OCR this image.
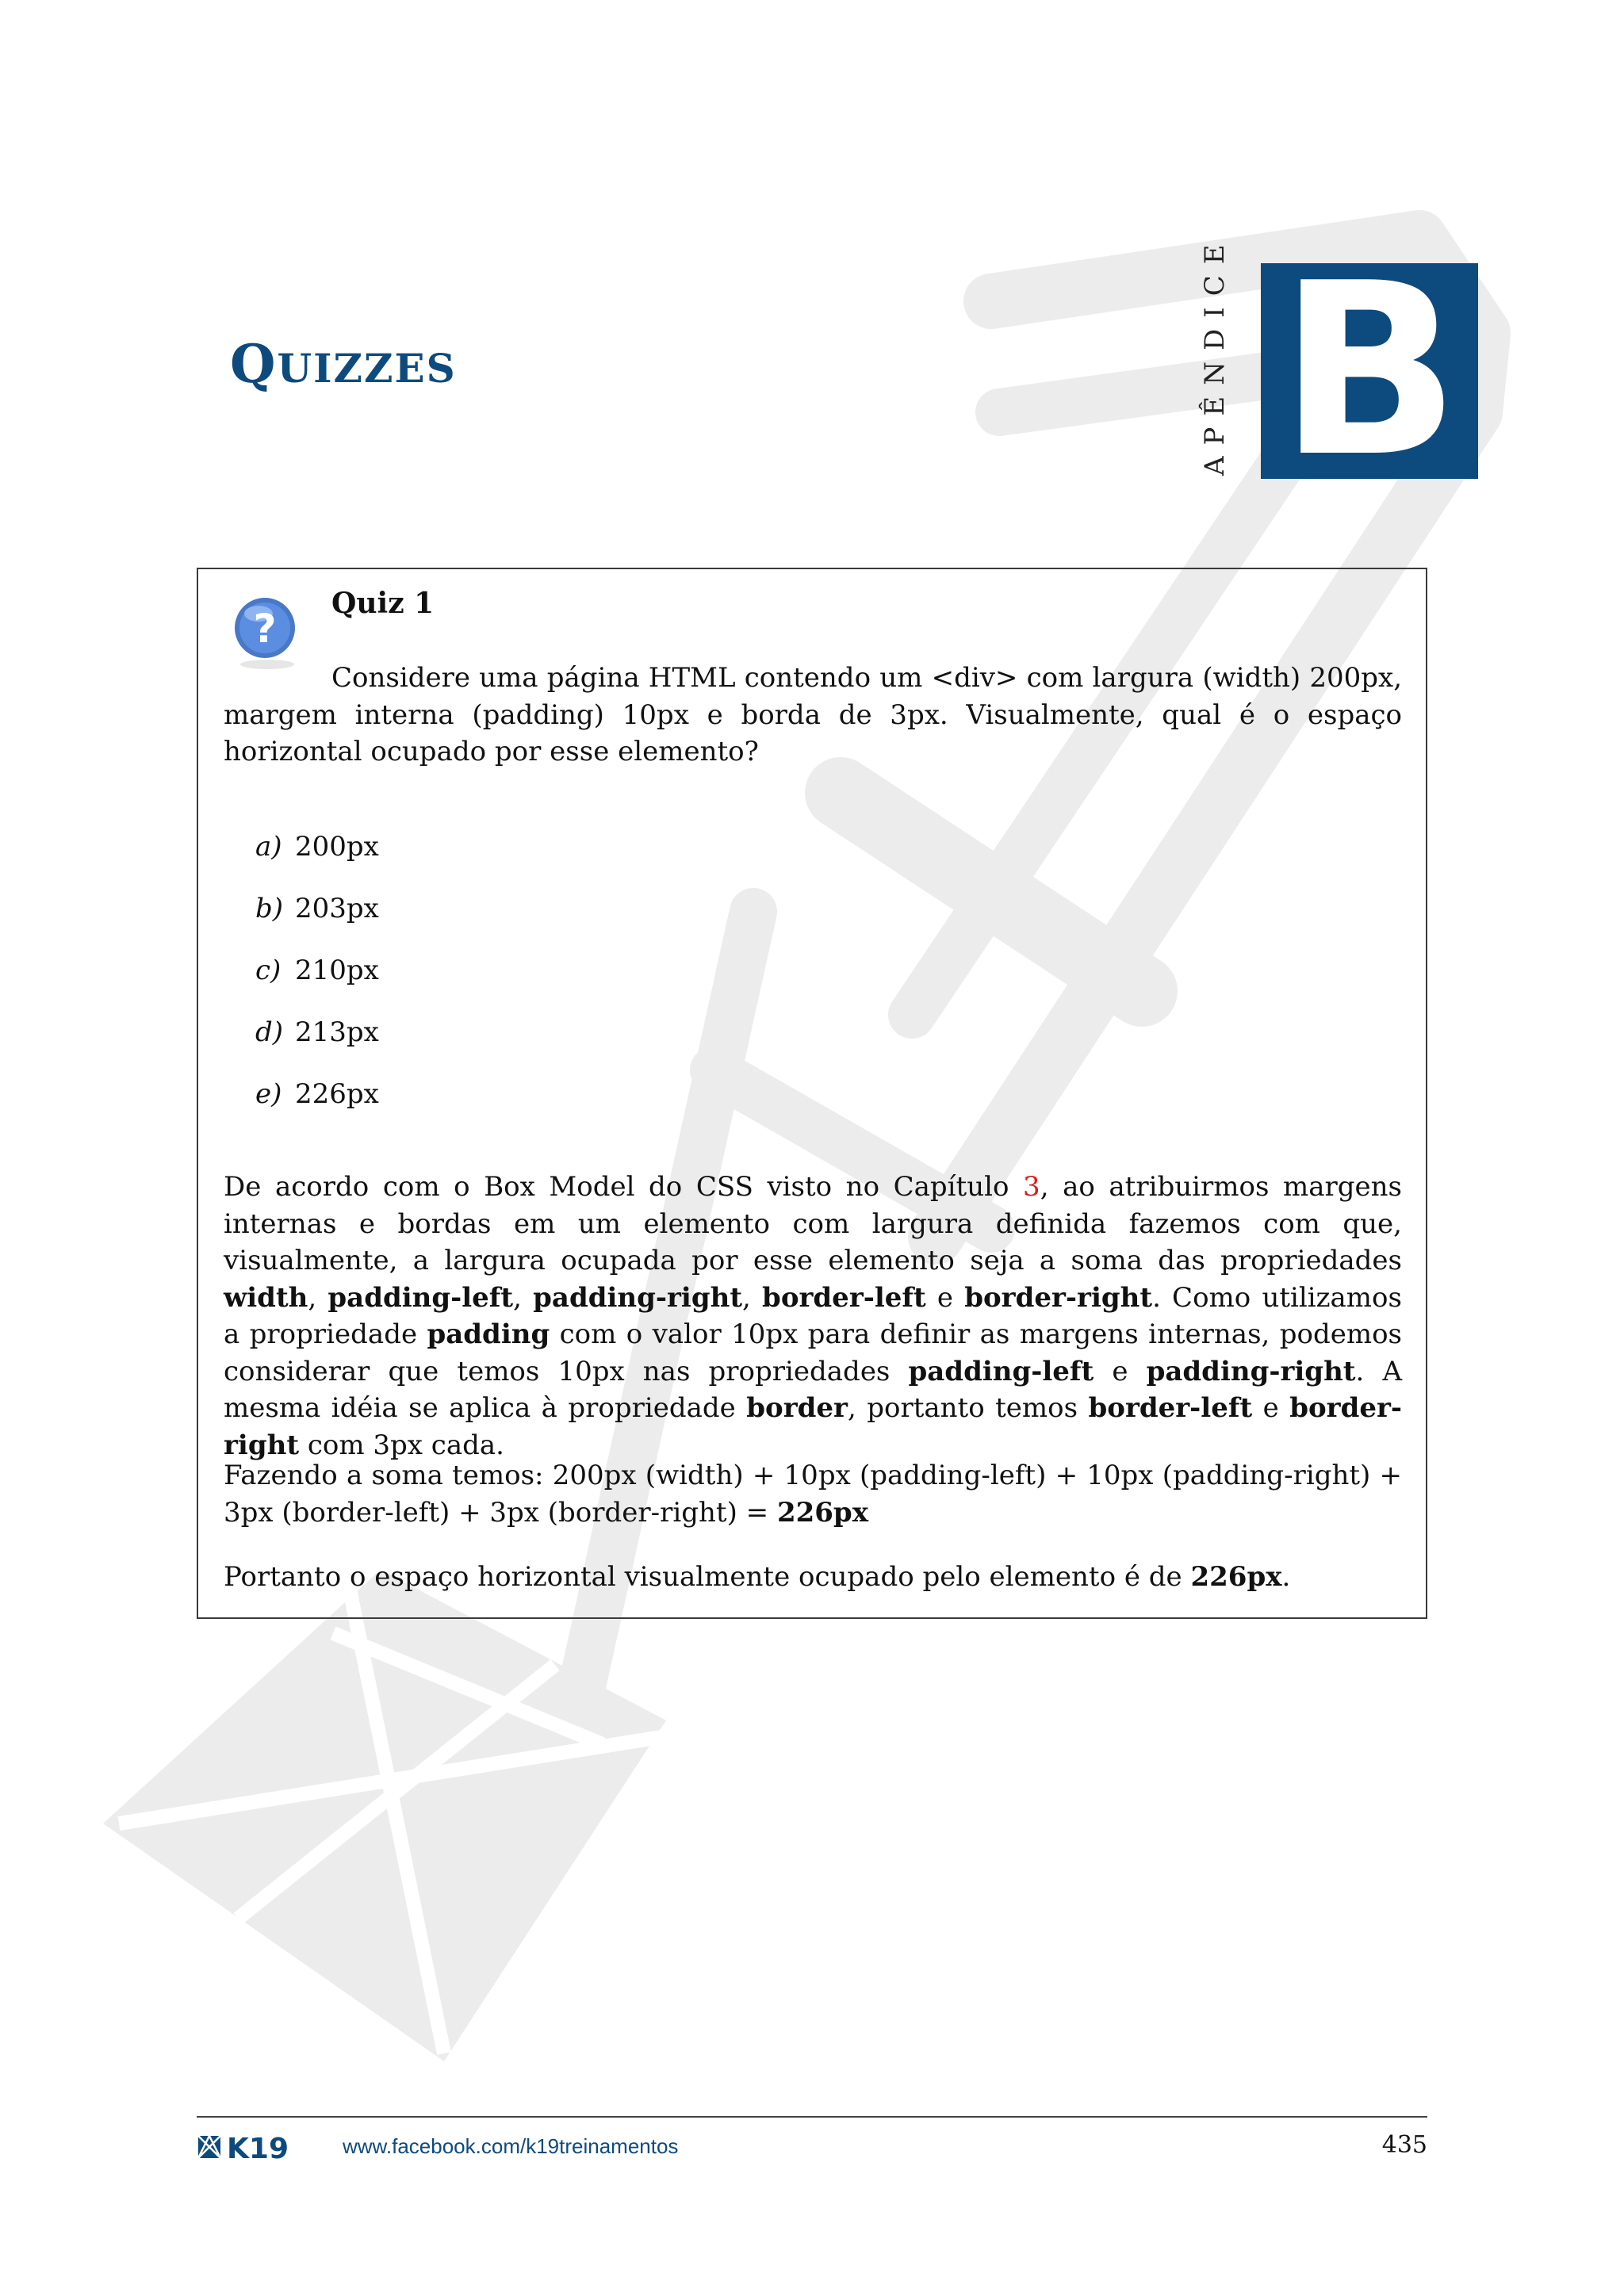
QUIZZES	APÊNDICE B
?
Quiz 1
Considere uma página HTML contendo um <div> com largura (width) 200px, margem interna (padding) 10px e borda de 3px. Visualmente, qual é o espaço horizontal ocupado por esse elemento?
a) 200px
b) 203px
c) 210px
d) 213px
e) 226px
De acordo com o Box Model do CSS visto no Capítulo 3, ao atribuirmos margens internas e bordas em um elemento com largura definida fazemos com que, visualmente, a largura ocupada por esse elemento seja a soma das propriedades width, padding-left, padding-right, border-left e border-right. Como utilizamos a propriedade padding com o valor 10px para definir as margens internas, podemos considerar que temos 10px nas propriedades padding-left e padding-right. A mesma idéia se aplica à propriedade border, portanto temos border-left e border-right com 3px cada.
Fazendo a soma temos: 200px (width) + 10px (padding-left) + 10px (padding-right) + 3px (border-left) + 3px (border-right) = 226px
Portanto o espaço horizontal visualmente ocupado pelo elemento é de 226px.
K19	www.facebook.com/k19treinamentos	435
